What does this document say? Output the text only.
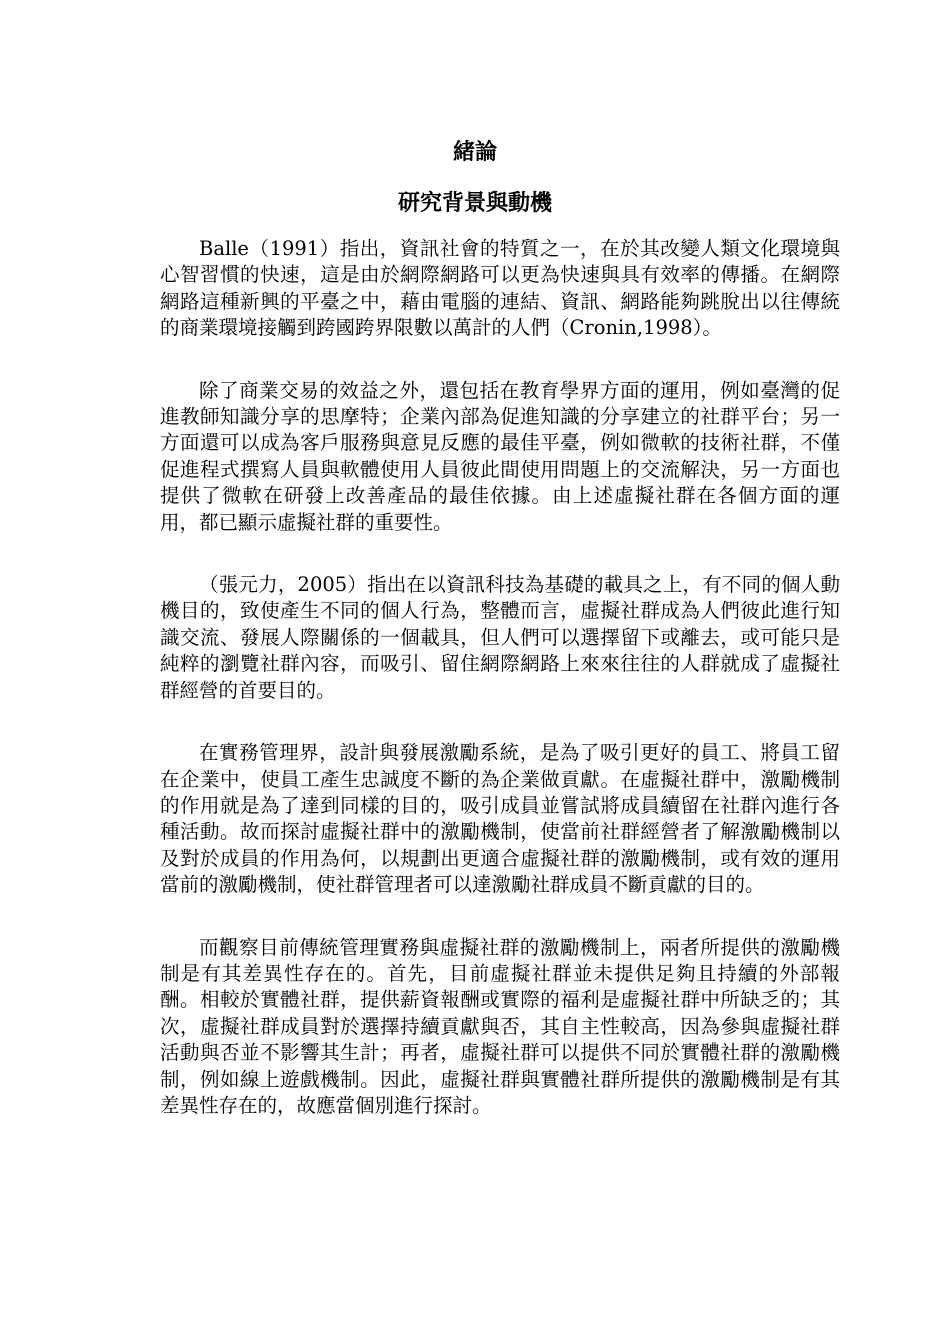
緒論
研究背景與動機

Balle（1991）指出，資訊社會的特質之一，在於其改變人類文化環境與心智習慣的快速，這是由於網際網路可以更為快速與具有效率的傳播。在網際網路這種新興的平臺之中，藉由電腦的連結、資訊、網路能夠跳脫出以往傳統的商業環境接觸到跨國跨界限數以萬計的人們（Cronin,1998）。

除了商業交易的效益之外，還包括在教育學界方面的運用，例如臺灣的促進教師知識分享的思摩特；企業內部為促進知識的分享建立的社群平台；另一方面還可以成為客戶服務與意見反應的最佳平臺，例如微軟的技術社群，不僅促進程式撰寫人員與軟體使用人員彼此間使用問題上的交流解決，另一方面也提供了微軟在研發上改善產品的最佳依據。由上述虛擬社群在各個方面的運用，都已顯示虛擬社群的重要性。

（張元力，2005）指出在以資訊科技為基礎的載具之上，有不同的個人動機目的，致使產生不同的個人行為，整體而言，虛擬社群成為人們彼此進行知識交流、發展人際關係的一個載具，但人們可以選擇留下或離去，或可能只是純粹的瀏覽社群內容，而吸引、留住網際網路上來來往往的人群就成了虛擬社群經營的首要目的。

在實務管理界，設計與發展激勵系統，是為了吸引更好的員工、將員工留在企業中，使員工產生忠誠度不斷的為企業做貢獻。在虛擬社群中，激勵機制的作用就是為了達到同樣的目的，吸引成員並嘗試將成員續留在社群內進行各種活動。故而探討虛擬社群中的激勵機制，使當前社群經營者了解激勵機制以及對於成員的作用為何，以規劃出更適合虛擬社群的激勵機制，或有效的運用當前的激勵機制，使社群管理者可以達激勵社群成員不斷貢獻的目的。

而觀察目前傳統管理實務與虛擬社群的激勵機制上，兩者所提供的激勵機制是有其差異性存在的。首先，目前虛擬社群並未提供足夠且持續的外部報酬。相較於實體社群，提供薪資報酬或實際的福利是虛擬社群中所缺乏的；其次，虛擬社群成員對於選擇持續貢獻與否，其自主性較高，因為參與虛擬社群活動與否並不影響其生計；再者，虛擬社群可以提供不同於實體社群的激勵機制，例如線上遊戲機制。因此，虛擬社群與實體社群所提供的激勵機制是有其差異性存在的，故應當個別進行探討。
